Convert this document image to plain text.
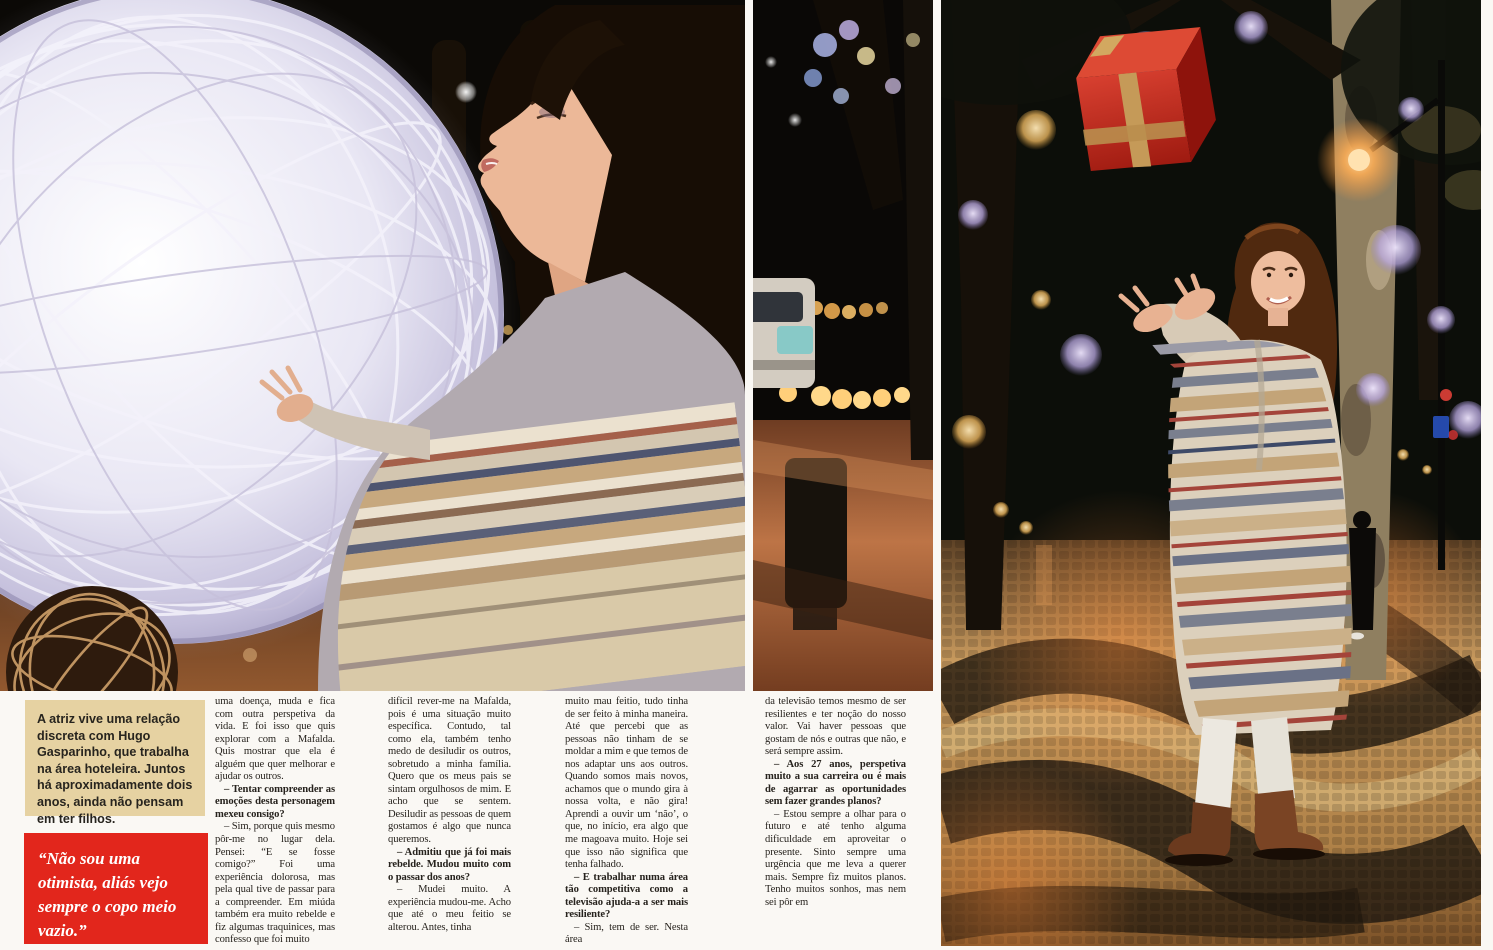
A atriz vive uma relação discreta com Hugo Gasparinho, que trabalha na área hoteleira. Juntos há aproximadamente dois anos, ainda não pensam em ter filhos.

“Não sou uma otimista, aliás vejo sempre o copo meio vazio.”

uma doença, muda e fica com outra perspetiva da vida. E foi isso que quis explorar com a Mafalda. Quis mostrar que ela é alguém que quer melhorar e ajudar os outros.

– Tentar compreender as emoções desta personagem mexeu consigo?

– Sim, porque quis mesmo pôr-me no lugar dela. Pensei: “E se fosse comigo?” Foi uma experiência dolorosa, mas pela qual tive de passar para a compreender. Em miúda também era muito rebelde e fiz algumas traquinices, mas confesso que foi muito

difícil rever-me na Mafalda, pois é uma situação muito específica. Contudo, tal como ela, também tenho medo de desiludir os outros, sobretudo a minha família. Quero que os meus pais se sintam orgulhosos de mim. E acho que se sentem. Desiludir as pessoas de quem gostamos é algo que nunca queremos.

– Admitiu que já foi mais rebelde. Mudou muito com o passar dos anos?

– Mudei muito. A experiência mudou-me. Acho que até o meu feitio se alterou. Antes, tinha

muito mau feitio, tudo tinha de ser feito à minha maneira. Até que percebi que as pessoas não tinham de se moldar a mim e que temos de nos adaptar uns aos outros. Quando somos mais novos, achamos que o mundo gira à nossa volta, e não gira! Aprendi a ouvir um ‘não’, o que, no início, era algo que me magoava muito. Hoje sei que isso não significa que tenha falhado.

– E trabalhar numa área tão competitiva como a televisão ajuda-a a ser mais resiliente?

– Sim, tem de ser. Nesta área

da televisão temos mesmo de ser resilientes e ter noção do nosso valor. Vai haver pessoas que gostam de nós e outras que não, e será sempre assim.

– Aos 27 anos, perspetiva muito a sua carreira ou é mais de agarrar as oportunidades sem fazer grandes planos?

– Estou sempre a olhar para o futuro e até tenho alguma dificuldade em aproveitar o presente. Sinto sempre uma urgência que me leva a querer mais. Sempre fiz muitos planos. Tenho muitos sonhos, mas nem sei pôr em
